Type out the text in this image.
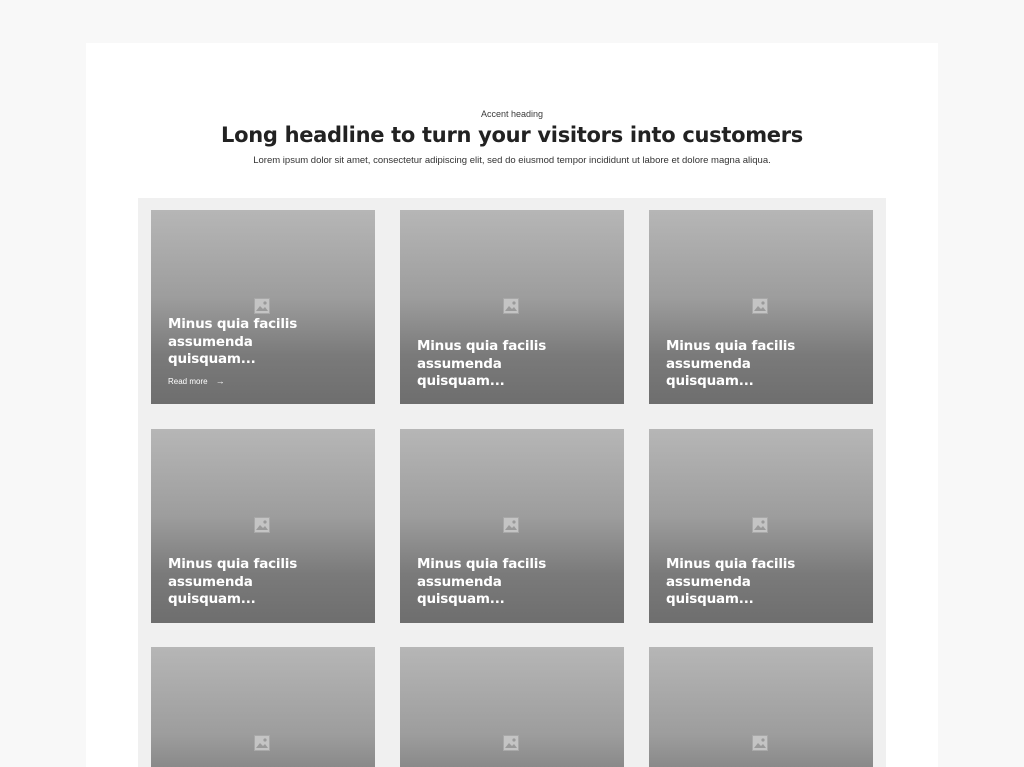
Accent heading
Long headline to turn your visitors into customers
Lorem ipsum dolor sit amet, consectetur adipiscing elit, sed do eiusmod tempor incididunt ut labore et dolore magna aliqua.
Minus quia facilis assumenda quisquam...
Read more →
Minus quia facilis assumenda quisquam...
Minus quia facilis assumenda quisquam...
Minus quia facilis assumenda quisquam...
Minus quia facilis assumenda quisquam...
Minus quia facilis assumenda quisquam...
